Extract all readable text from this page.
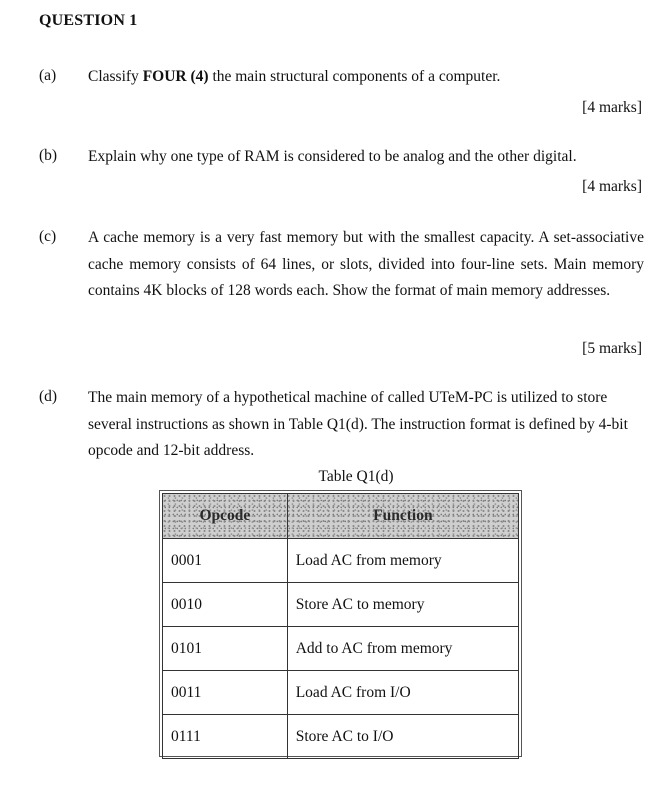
QUESTION 1
(a) Classify FOUR (4) the main structural components of a computer.
[4 marks]
(b) Explain why one type of RAM is considered to be analog and the other digital.
[4 marks]
(c) A cache memory is a very fast memory but with the smallest capacity. A set-associative cache memory consists of 64 lines, or slots, divided into four-line sets. Main memory contains 4K blocks of 128 words each. Show the format of main memory addresses.
[5 marks]
(d) The main memory of a hypothetical machine of called UTeM-PC is utilized to store several instructions as shown in Table Q1(d). The instruction format is defined by 4-bit opcode and 12-bit address.
Table Q1(d)
Opcode	Function
0001	Load AC from memory
0010	Store AC to memory
0101	Add to AC from memory
0011	Load AC from I/O
0111	Store AC to I/O
